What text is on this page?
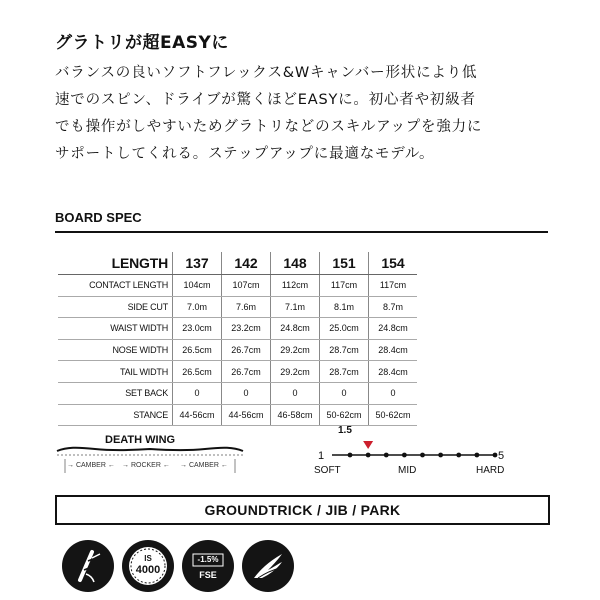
グラトリが超EASYに
バランスの良いソフトフレックス&Wキャンバー形状により低
速でのスピン、ドライブが驚くほどEASYに。初心者や初級者
でも操作がしやすいためグラトリなどのスキルアップを強力に
サポートしてくれる。ステップアップに最適なモデル。
BOARD SPEC
LENGTH	137	142	148	151	154
CONTACT LENGTH	104cm	107cm	112cm	117cm	117cm
SIDE CUT	7.0m	7.6m	7.1m	8.1m	8.7m
WAIST WIDTH	23.0cm	23.2cm	24.8cm	25.0cm	24.8cm
NOSE WIDTH	26.5cm	26.7cm	29.2cm	28.7cm	28.4cm
TAIL WIDTH	26.5cm	26.7cm	29.2cm	28.7cm	28.4cm
SET BACK	0	0	0	0	0
STANCE	44-56cm	44-56cm	46-58cm	50-62cm	50-62cm
DEATH WING
→ CAMBER ← → ROCKER ← → CAMBER ←
1.5
1	5
SOFT	MID	HARD
GROUNDTRICK / JIB / PARK
IS
4000
-1.5%
FSE
